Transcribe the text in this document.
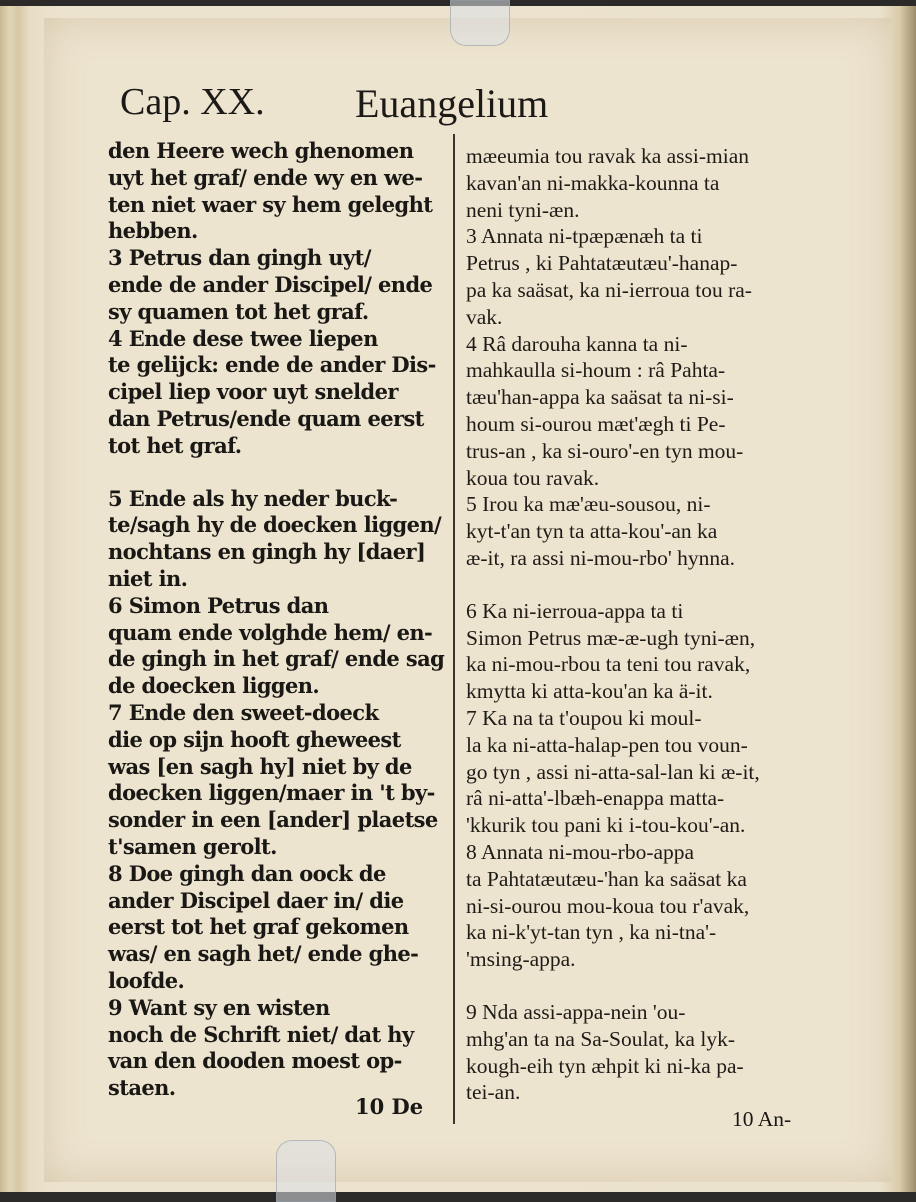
Cap. XX. Euangelium
den Heere wech ghenomen
uyt het graf/ ende wy en we-
ten niet waer sy hem geleght
hebben.
3 Petrus dan gingh uyt/
ende de ander Discipel/ ende
sy quamen tot het graf.
4 Ende dese twee liepen
te gelijck: ende de ander Dis-
cipel liep voor uyt snelder
dan Petrus/ende quam eerst
tot het graf.
5 Ende als hy neder buck-
te/sagh hy de doecken liggen/
nochtans en gingh hy [daer]
niet in.
6 Simon Petrus dan
quam ende volghde hem/ en-
de gingh in het graf/ ende sag
de doecken liggen.
7 Ende den sweet-doeck
die op sijn hooft gheweest
was [en sagh hy] niet by de
doecken liggen/maer in 't by-
sonder in een [ander] plaetse
t'samen gerolt.
8 Doe gingh dan oock de
ander Discipel daer in/ die
eerst tot het graf gekomen
was/ en sagh het/ ende ghe-
loofde.
9 Want sy en wisten
noch de Schrift niet/ dat hy
van den dooden moest op-
staen.
mæeumia tou ravak ka assi-mian
kavan'an ni-makka-kounna ta
neni tyni-æn.
3 Annata ni-tpæpænæh ta ti
Petrus , ki Pahtatæutæu'-hanap-
pa ka saäsat, ka ni-ierroua tou ra-
vak.
4 Râ darouha kanna ta ni-
mahkaulla si-houm : râ Pahta-
tæu'han-appa ka saäsat ta ni-si-
houm si-ourou mæt'ægh ti Pe-
trus-an , ka si-ouro'-en tyn mou-
koua tou ravak.
5 Irou ka mæ'æu-sousou, ni-
kyt-t'an tyn ta atta-kou'-an ka
æ-it, ra assi ni-mou-rbo' hynna.
6 Ka ni-ierroua-appa ta ti
Simon Petrus mæ-æ-ugh tyni-æn,
ka ni-mou-rbou ta teni tou ravak,
kmytta ki atta-kou'an ka ä-it.
7 Ka na ta t'oupou ki moul-
la ka ni-atta-halap-pen tou voun-
go tyn , assi ni-atta-sal-lan ki æ-it,
râ ni-atta'-lbæh-enappa matta-
'kkurik tou pani ki i-tou-kou'-an.
8 Annata ni-mou-rbo-appa
ta Pahtatæutæu-'han ka saäsat ka
ni-si-ourou mou-koua tou r'avak,
ka ni-k'yt-tan tyn , ka ni-tna'-
'msing-appa.
9 Nda assi-appa-nein 'ou-
mhg'an ta na Sa-Soulat, ka lyk-
kough-eih tyn æhpit ki ni-ka pa-
tei-an.
10 De	10 An-
